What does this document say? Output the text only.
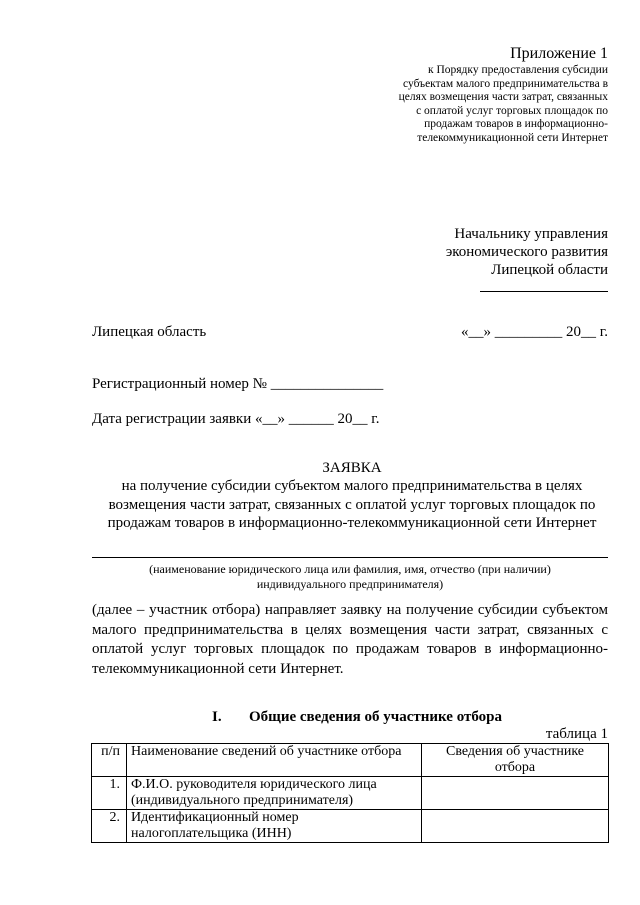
Приложение 1
к Порядку предоставления субсидии
субъектам малого предпринимательства в
целях возмещения части затрат, связанных
с оплатой услуг торговых площадок по
продажам товаров в информационно-
телекоммуникационной сети Интернет
Начальнику управления
экономического развития
Липецкой области
Липецкая область	«__» _________ 20__ г.
Регистрационный номер № _______________
Дата регистрации заявки «__» ______ 20__ г.
ЗАЯВКА
на получение субсидии субъектом малого предпринимательства в целях
возмещения части затрат, связанных с оплатой услуг торговых площадок по
продажам товаров в информационно-телекоммуникационной сети Интернет
(наименование юридического лица или фамилия, имя, отчество (при наличии)
индивидуального предпринимателя)
(далее – участник отбора) направляет заявку на получение субсидии субъектом малого предпринимательства в целях возмещения части затрат, связанных с оплатой услуг торговых площадок по продажам товаров в информационно-телекоммуникационной сети Интернет.
I. Общие сведения об участнике отбора
таблица 1
п/п	Наименование сведений об участнике отбора	Сведения об участнике отбора
1.	Ф.И.О. руководителя юридического лица (индивидуального предпринимателя)	
2.	Идентификационный номер налогоплательщика (ИНН)	
